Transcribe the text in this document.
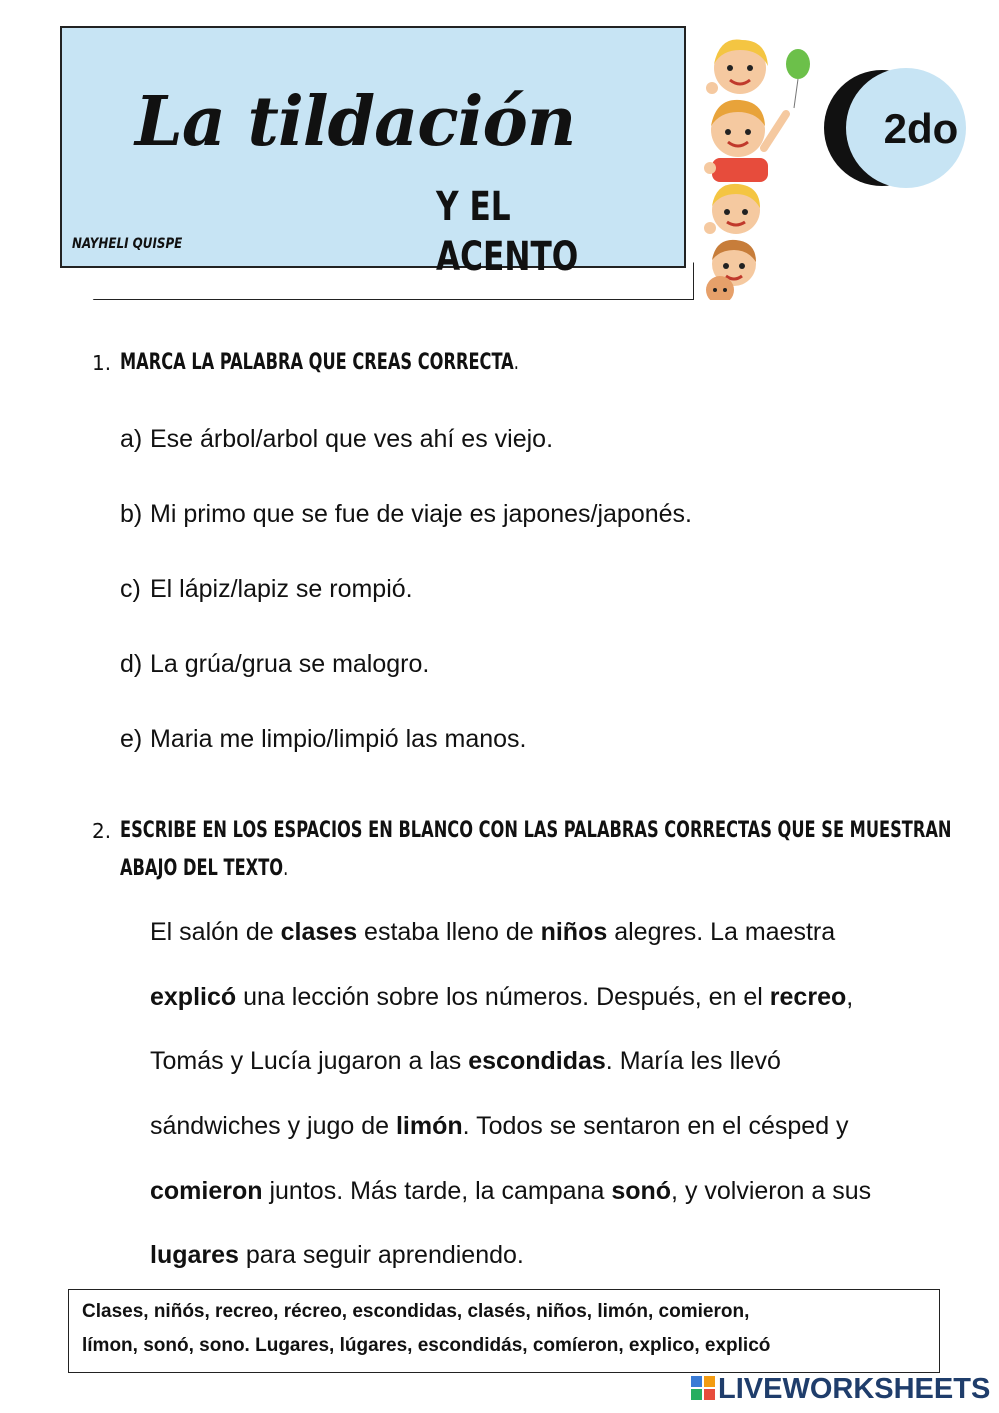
La tildación
Y EL ACENTO
NAYHELI QUISPE
2do
1. MARCA LA PALABRA QUE CREAS CORRECTA.
a) Ese árbol/arbol que ves ahí es viejo.
b) Mi primo que se fue de viaje es japones/japonés.
c) El lápiz/lapiz se rompió.
d) La grúa/grua se malogro.
e) Maria me limpio/limpió las manos.
2. ESCRIBE EN LOS ESPACIOS EN BLANCO CON LAS PALABRAS CORRECTAS QUE SE MUESTRAN
ABAJO DEL TEXTO.
El salón de clases estaba lleno de niños alegres. La maestra
explicó una lección sobre los números. Después, en el recreo,
Tomás y Lucía jugaron a las escondidas. María les llevó
sándwiches y jugo de limón. Todos se sentaron en el césped y
comieron juntos. Más tarde, la campana sonó, y volvieron a sus
lugares para seguir aprendiendo.
Clases, niñós, recreo, récreo, escondidas, clasés, niños, limón, comieron,
límon, sonó, sono. Lugares, lúgares, escondidás, comíeron, explico, explicó
LIVEWORKSHEETS
